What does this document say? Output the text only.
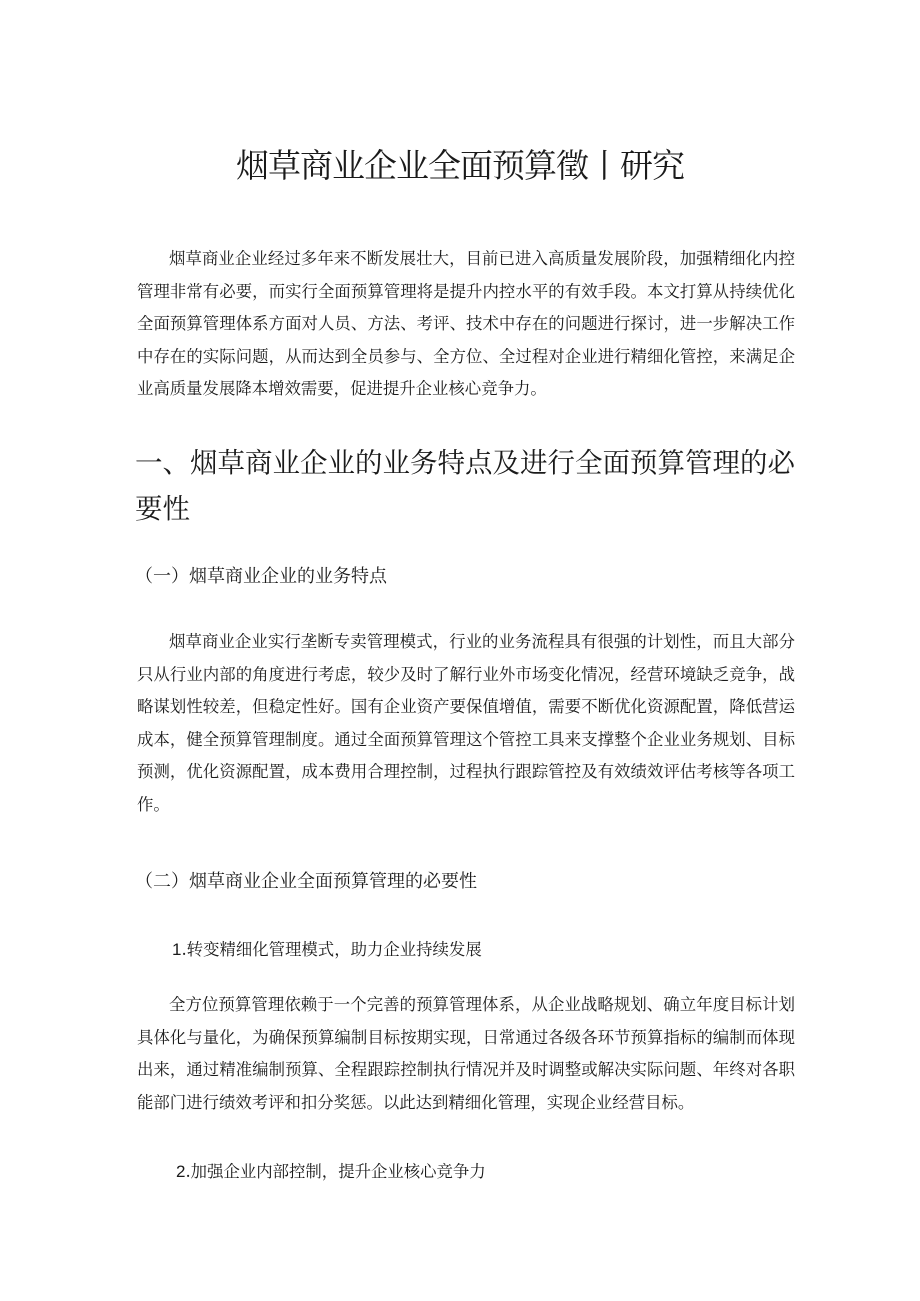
烟草商业企业全面预算徵丨研究

烟草商业企业经过多年来不断发展壮大，目前已进入高质量发展阶段，加强精细化内控管理非常有必要，而实行全面预算管理将是提升内控水平的有效手段。本文打算从持续优化全面预算管理体系方面对人员、方法、考评、技术中存在的问题进行探讨，进一步解决工作中存在的实际问题，从而达到全员参与、全方位、全过程对企业进行精细化管控，来满足企业高质量发展降本增效需要，促进提升企业核心竞争力。

一、烟草商业企业的业务特点及进行全面预算管理的必要性
（一）烟草商业企业的业务特点

烟草商业企业实行垄断专卖管理模式，行业的业务流程具有很强的计划性，而且大部分只从行业内部的角度进行考虑，较少及时了解行业外市场变化情况，经营环境缺乏竞争，战略谋划性较差，但稳定性好。国有企业资产要保值增值，需要不断优化资源配置，降低营运成本，健全预算管理制度。通过全面预算管理这个管控工具来支撑整个企业业务规划、目标预测，优化资源配置，成本费用合理控制，过程执行跟踪管控及有效绩效评估考核等各项工作。

（二）烟草商业企业全面预算管理的必要性
1.转变精细化管理模式，助力企业持续发展

全方位预算管理依赖于一个完善的预算管理体系，从企业战略规划、确立年度目标计划具体化与量化，为确保预算编制目标按期实现，日常通过各级各环节预算指标的编制而体现出来，通过精准编制预算、全程跟踪控制执行情况并及时调整或解决实际问题、年终对各职能部门进行绩效考评和扣分奖惩。以此达到精细化管理，实现企业经营目标。

2.加强企业内部控制，提升企业核心竞争力
